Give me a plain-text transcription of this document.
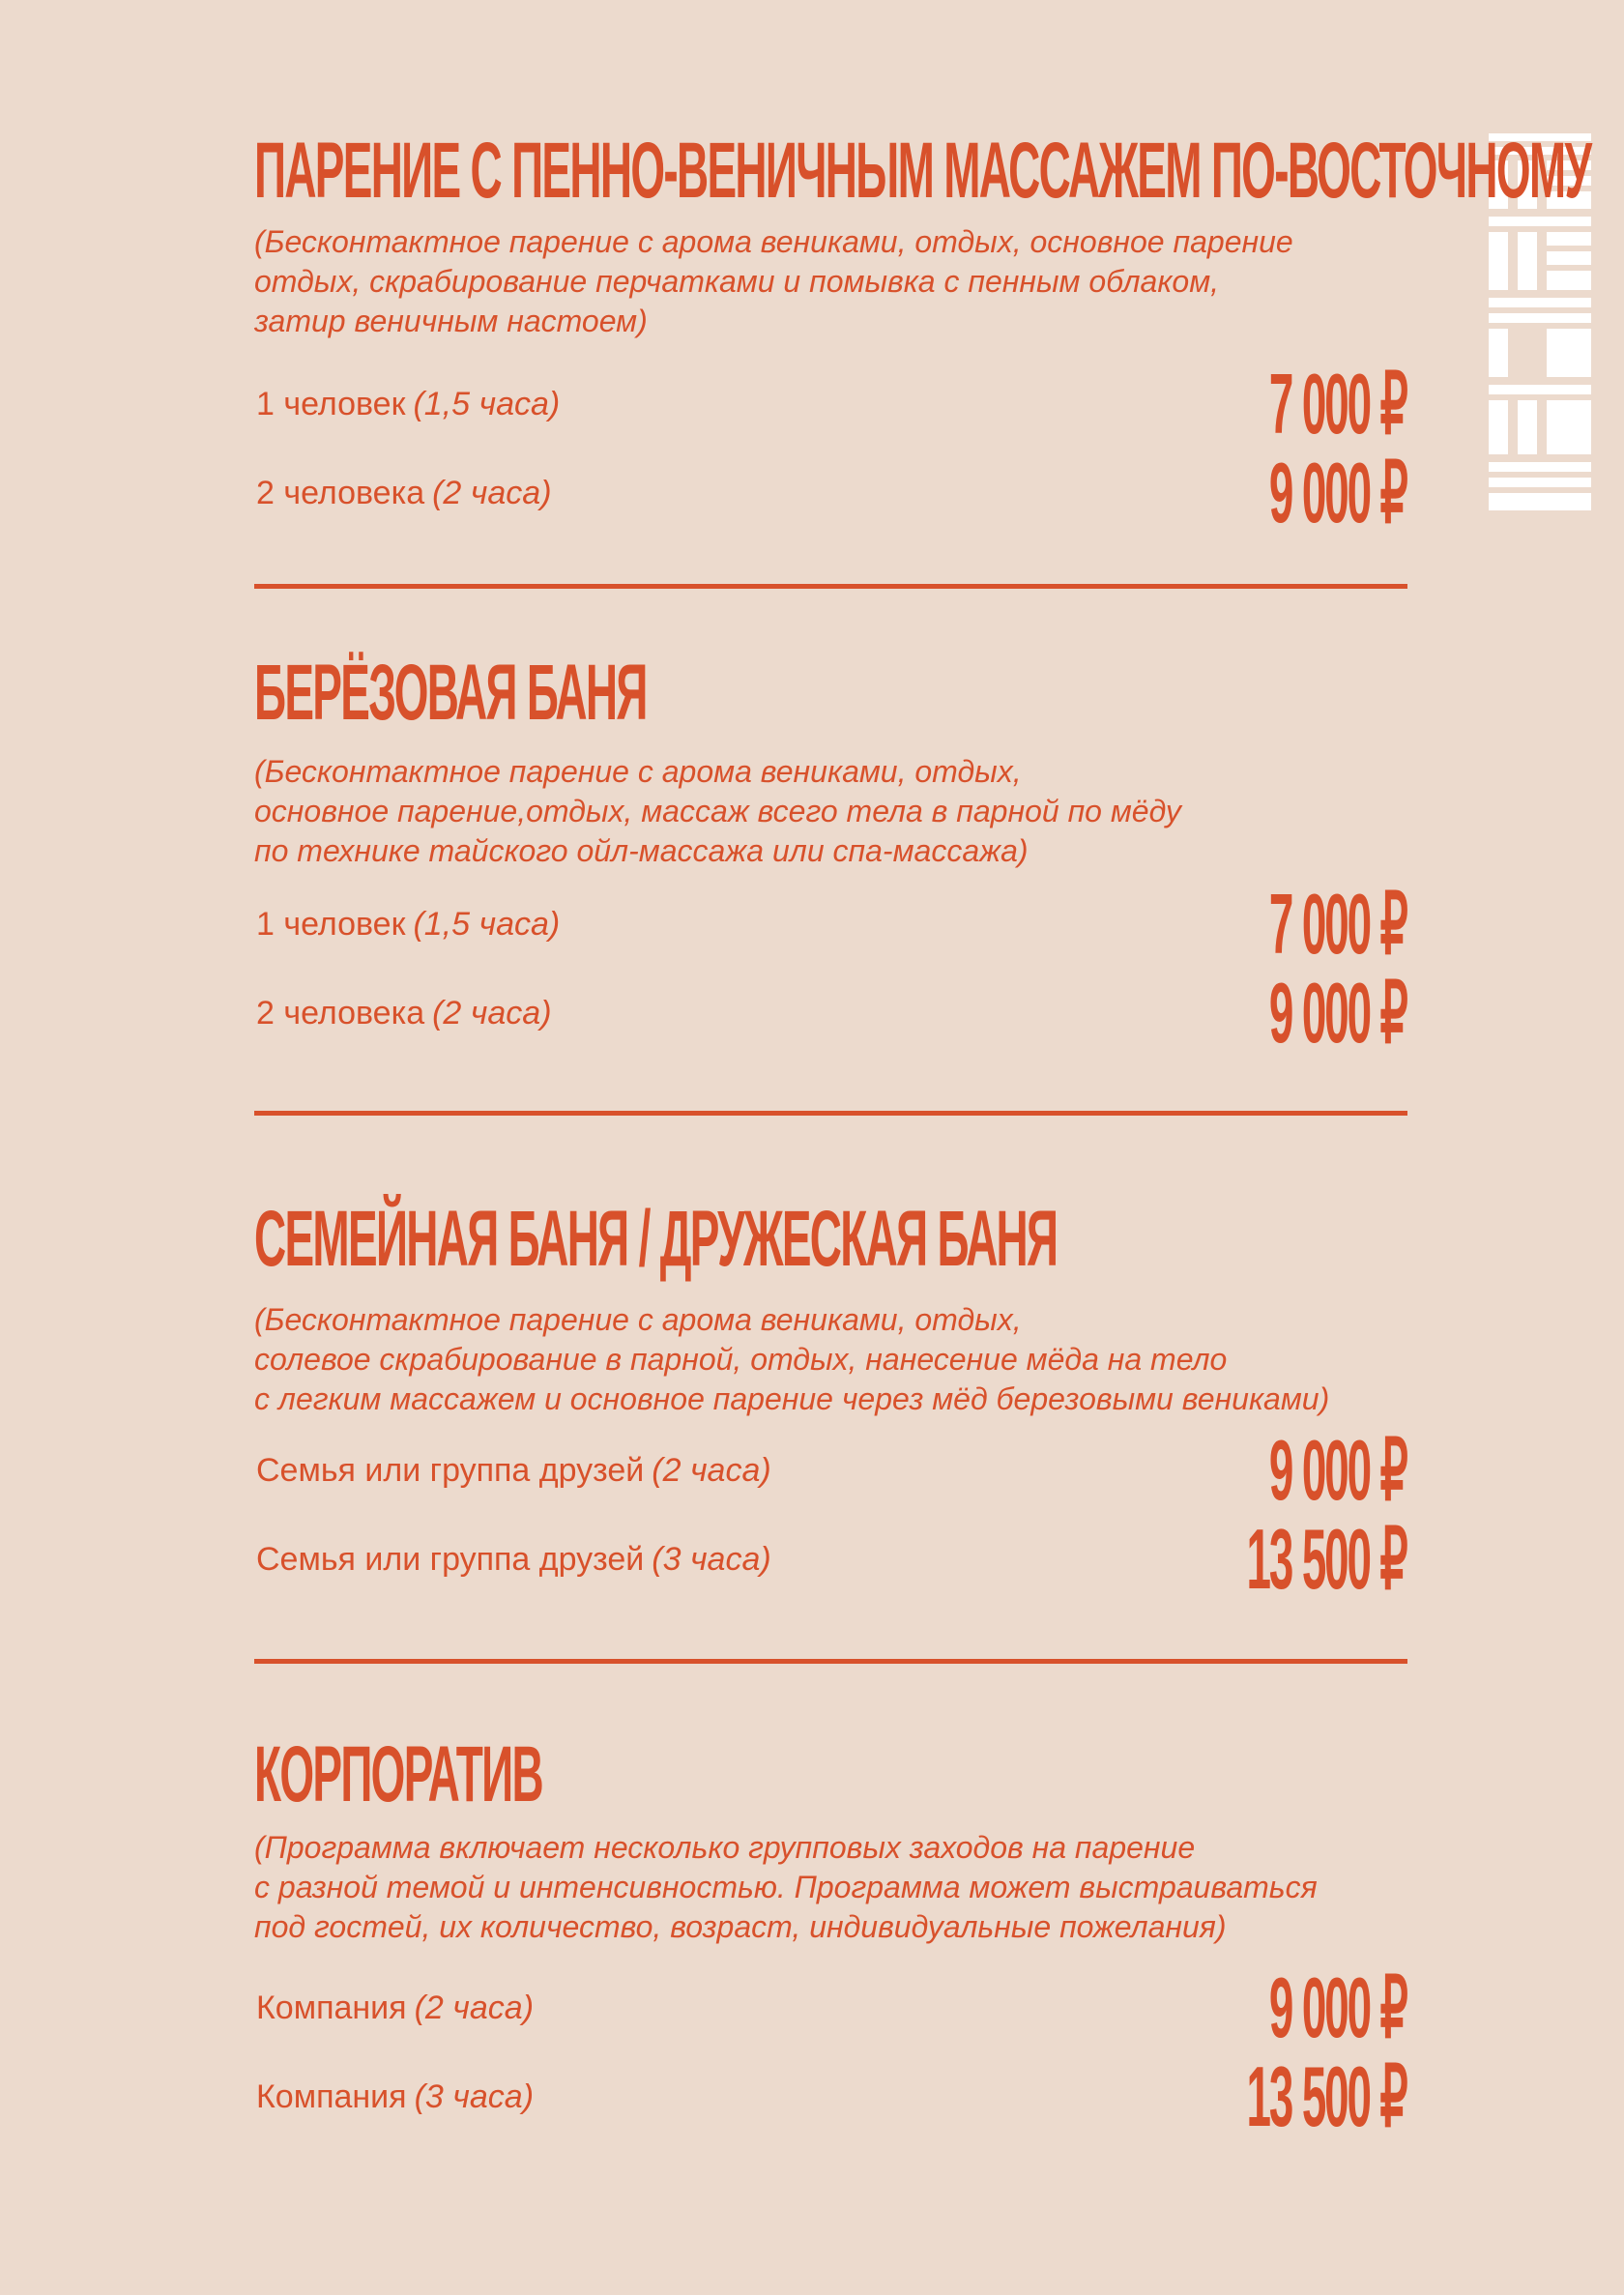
ПАРЕНИЕ С ПЕННО-ВЕНИЧНЫМ МАССАЖЕМ ПО-ВОСТОЧНОМУ

(Бесконтактное парение с арома вениками, отдых, основное парение
отдых, скрабирование перчатками и помывка с пенным облаком,
затир веничным настоем)

1 человек (1,5 часа)	7 000 ₽
2 человека (2 часа)	9 000 ₽
БЕРЁЗОВАЯ БАНЯ

(Бесконтактное парение с арома вениками, отдых,
основное парение,отдых, массаж всего тела в парной по мёду
по технике тайского ойл-массажа или спа-массажа)

1 человек (1,5 часа)	7 000 ₽
2 человека (2 часа)	9 000 ₽
СЕМЕЙНАЯ БАНЯ / ДРУЖЕСКАЯ БАНЯ

(Бесконтактное парение с арома вениками, отдых,
солевое скрабирование в парной, отдых, нанесение мёда на тело
с легким массажем и основное парение через мёд березовыми вениками)

Семья или группа друзей (2 часа)	9 000 ₽
Семья или группа друзей (3 часа)	13 500 ₽
КОРПОРАТИВ

(Программа включает несколько групповых заходов на парение
с разной темой и интенсивностью. Программа может выстраиваться
под гостей, их количество, возраст, индивидуальные пожелания)

Компания (2 часа)	9 000 ₽
Компания (3 часа)	13 500 ₽
